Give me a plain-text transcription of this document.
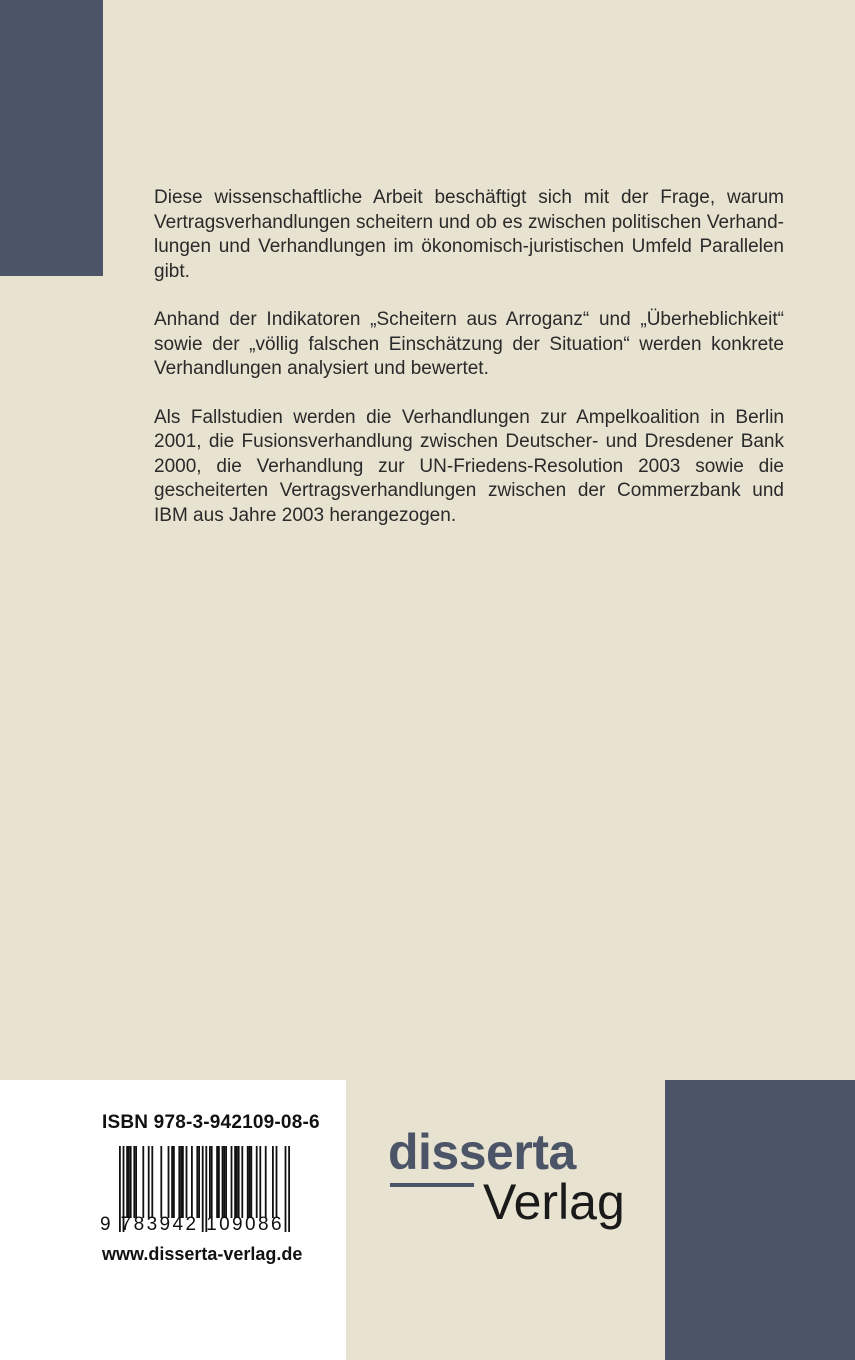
Diese wissenschaftliche Arbeit beschäftigt sich mit der Frage, warum Vertragsverhandlungen scheitern und ob es zwischen politischen Verhandlungen und Verhandlungen im ökonomisch-juristischen Umfeld Parallelen gibt.

Anhand der Indikatoren „Scheitern aus Arroganz“ und „Überheblichkeit“ sowie der „völlig falschen Einschätzung der Situation“ werden konkrete Verhandlungen analysiert und bewertet.

Als Fallstudien werden die Verhandlungen zur Ampelkoalition in Berlin 2001, die Fusionsverhandlung zwischen Deutscher- und Dresdener Bank 2000, die Verhandlung zur UN-Friedens-Resolution 2003 sowie die gescheiterten Vertragsverhandlungen zwischen der Commerzbank und IBM aus Jahre 2003 herangezogen.

ISBN 978-3-942109-08-6
9 783942 109086
www.disserta-verlag.de
disserta
Verlag
